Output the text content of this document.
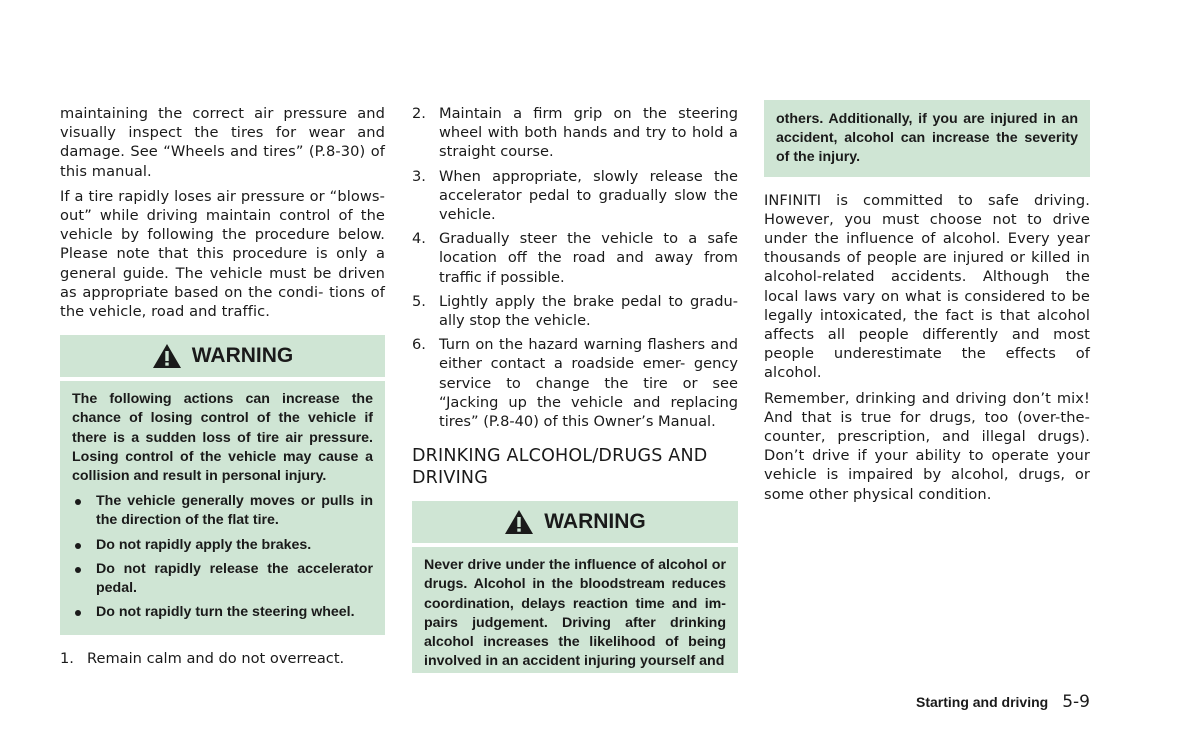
maintaining the correct air pressure and visually inspect the tires for wear and damage. See “Wheels and tires” (P.8-30) of this manual.

If a tire rapidly loses air pressure or “blows-out” while driving maintain control of the vehicle by following the procedure below. Please note that this procedure is only a general guide. The vehicle must be driven as appropriate based on the condi- tions of the vehicle, road and traffic.

WARNING

The following actions can increase the chance of losing control of the vehicle if there is a sudden loss of tire air pressure. Losing control of the vehicle may cause a collision and result in personal injury.

The vehicle generally moves or pulls in the direction of the flat tire.
Do not rapidly apply the brakes.
Do not rapidly release the accelerator pedal.
Do not rapidly turn the steering wheel.
1. Remain calm and do not overreact.
2. Maintain a firm grip on the steering wheel with both hands and try to hold a straight course.
3. When appropriate, slowly release the accelerator pedal to gradually slow the vehicle.
4. Gradually steer the vehicle to a safe location off the road and away from traffic if possible.
5. Lightly apply the brake pedal to gradu- ally stop the vehicle.
6. Turn on the hazard warning flashers and either contact a roadside emer- gency service to change the tire or see “Jacking up the vehicle and replacing tires” (P.8-40) of this Owner’s Manual.
DRINKING ALCOHOL/DRUGS AND DRIVING
WARNING

Never drive under the influence of alcohol or drugs. Alcohol in the bloodstream reduces coordination, delays reaction time and im- pairs judgement. Driving after drinking alcohol increases the likelihood of being involved in an accident injuring yourself and

others. Additionally, if you are injured in an accident, alcohol can increase the severity of the injury.

INFINITI is committed to safe driving. However, you must choose not to drive under the influence of alcohol. Every year thousands of people are injured or killed in alcohol-related accidents. Although the local laws vary on what is considered to be legally intoxicated, the fact is that alcohol affects all people differently and most people underestimate the effects of alcohol.

Remember, drinking and driving don’t mix! And that is true for drugs, too (over-the- counter, prescription, and illegal drugs). Don’t drive if your ability to operate your vehicle is impaired by alcohol, drugs, or some other physical condition.

Starting and driving 5-9
